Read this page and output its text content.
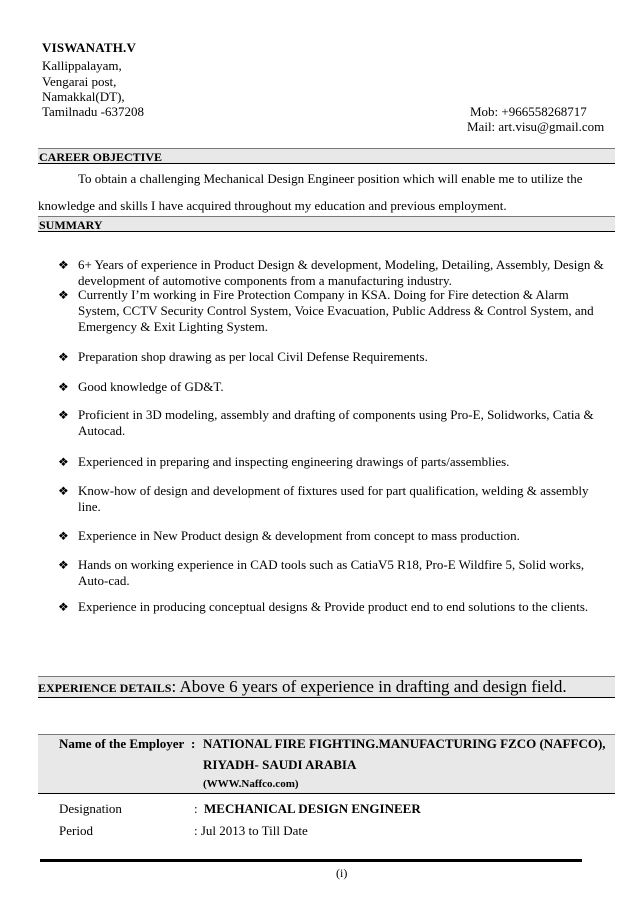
VISWANATH.V
Kallippalayam,
Vengarai post,
Namakkal(DT),
Tamilnadu -637208	Mob: +966558268717
Mail: art.visu@gmail.com
CAREER OBJECTIVE
To obtain a challenging Mechanical Design Engineer position which will enable me to utilize the
knowledge and skills I have acquired throughout my education and previous employment.
SUMMARY
❖ 6+ Years of experience in Product Design & development, Modeling, Detailing, Assembly, Design & development of automotive components from a manufacturing industry.
❖ Currently I’m working in Fire Protection Company in KSA. Doing for Fire detection & Alarm System, CCTV Security Control System, Voice Evacuation, Public Address & Control System, and Emergency & Exit Lighting System.
❖ Preparation shop drawing as per local Civil Defense Requirements.
❖ Good knowledge of GD&T.
❖ Proficient in 3D modeling, assembly and drafting of components using Pro-E, Solidworks, Catia & Autocad.
❖ Experienced in preparing and inspecting engineering drawings of parts/assemblies.
❖ Know-how of design and development of fixtures used for part qualification, welding & assembly line.
❖ Experience in New Product design & development from concept to mass production.
❖ Hands on working experience in CAD tools such as CatiaV5 R18, Pro-E Wildfire 5, Solid works, Auto-cad.
❖ Experience in producing conceptual designs & Provide product end to end solutions to the clients.
EXPERIENCE DETAILS: Above 6 years of experience in drafting and design field.
Name of the Employer : NATIONAL FIRE FIGHTING.MANUFACTURING FZCO (NAFFCO),
RIYADH- SAUDI ARABIA
(WWW.Naffco.com)
Designation	: MECHANICAL DESIGN ENGINEER
Period	: Jul 2013 to Till Date
(i)
